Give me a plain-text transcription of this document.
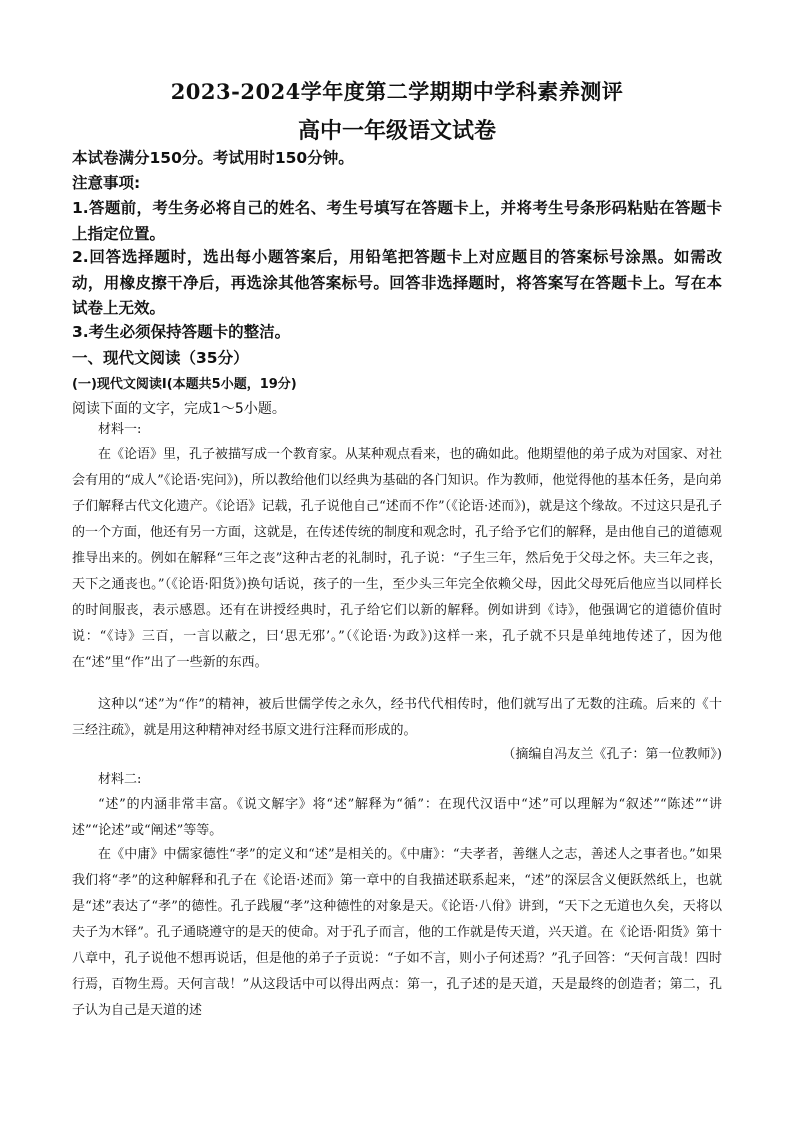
2023-2024学年度第二学期期中学科素养测评
高中一年级语文试卷
本试卷满分150分。考试用时150分钟。
注意事项:
1.答题前，考生务必将自己的姓名、考生号填写在答题卡上，并将考生号条形码粘贴在答题卡上指定位置。
2.回答选择题时，选出每小题答案后，用铅笔把答题卡上对应题目的答案标号涂黑。如需改动，用橡皮擦干净后，再选涂其他答案标号。回答非选择题时，将答案写在答题卡上。写在本试卷上无效。
3.考生必须保持答题卡的整洁。
一、现代文阅读（35分）
(一)现代文阅读Ⅰ(本题共5小题，19分)
阅读下面的文字，完成1～5小题。
材料一:

在《论语》里，孔子被描写成一个教育家。从某种观点看来，也的确如此。他期望他的弟子成为对国家、对社会有用的“成人”《论语·宪问》)，所以教给他们以经典为基础的各门知识。作为教师，他觉得他的基本任务，是向弟子们解释古代文化遗产。《论语》记载，孔子说他自己“述而不作”（《论语·述而》)，就是这个缘故。不过这只是孔子的一个方面，他还有另一方面，这就是，在传述传统的制度和观念时，孔子给予它们的解释，是由他自己的道德观推导出来的。例如在解释“三年之丧”这种古老的礼制时，孔子说：“子生三年，然后免于父母之怀。夫三年之丧，天下之通丧也。”（《论语·阳货》)换句话说，孩子的一生，至少头三年完全依赖父母，因此父母死后他应当以同样长的时间服丧，表示感恩。还有在讲授经典时，孔子给它们以新的解释。例如讲到《诗》，他强调它的道德价值时说：“《诗》三百，一言以蔽之，曰‘思无邪’。”（《论语·为政》)这样一来，孔子就不只是单纯地传述了，因为他在“述”里“作”出了一些新的东西。

这种以“述”为“作”的精神，被后世儒学传之永久，经书代代相传时，他们就写出了无数的注疏。后来的《十三经注疏》，就是用这种精神对经书原文进行注释而形成的。

（摘编自冯友兰《孔子：第一位教师》)
材料二:

“述”的内涵非常丰富。《说文解字》将“述”解释为“循”：在现代汉语中“述”可以理解为“叙述”“陈述”“讲述”“论述”或“阐述”等等。

在《中庸》中儒家德性“孝”的定义和“述”是相关的。《中庸》：“夫孝者，善继人之志，善述人之事者也。”如果我们将“孝”的这种解释和孔子在《论语·述而》第一章中的自我描述联系起来，“述”的深层含义便跃然纸上，也就是“述”表达了“孝”的德性。孔子践履“孝”这种德性的对象是天。《论语·八佾》讲到，“天下之无道也久矣，天将以夫子为木铎”。孔子通晓遵守的是天的使命。对于孔子而言，他的工作就是传天道，兴天道。在《论语·阳货》第十八章中，孔子说他不想再说话，但是他的弟子子贡说：“子如不言，则小子何述焉？”孔子回答：“天何言哉！四时行焉，百物生焉。天何言哉！”从这段话中可以得出两点：第一，孔子述的是天道，天是最终的创造者；第二，孔子认为自己是天道的述
